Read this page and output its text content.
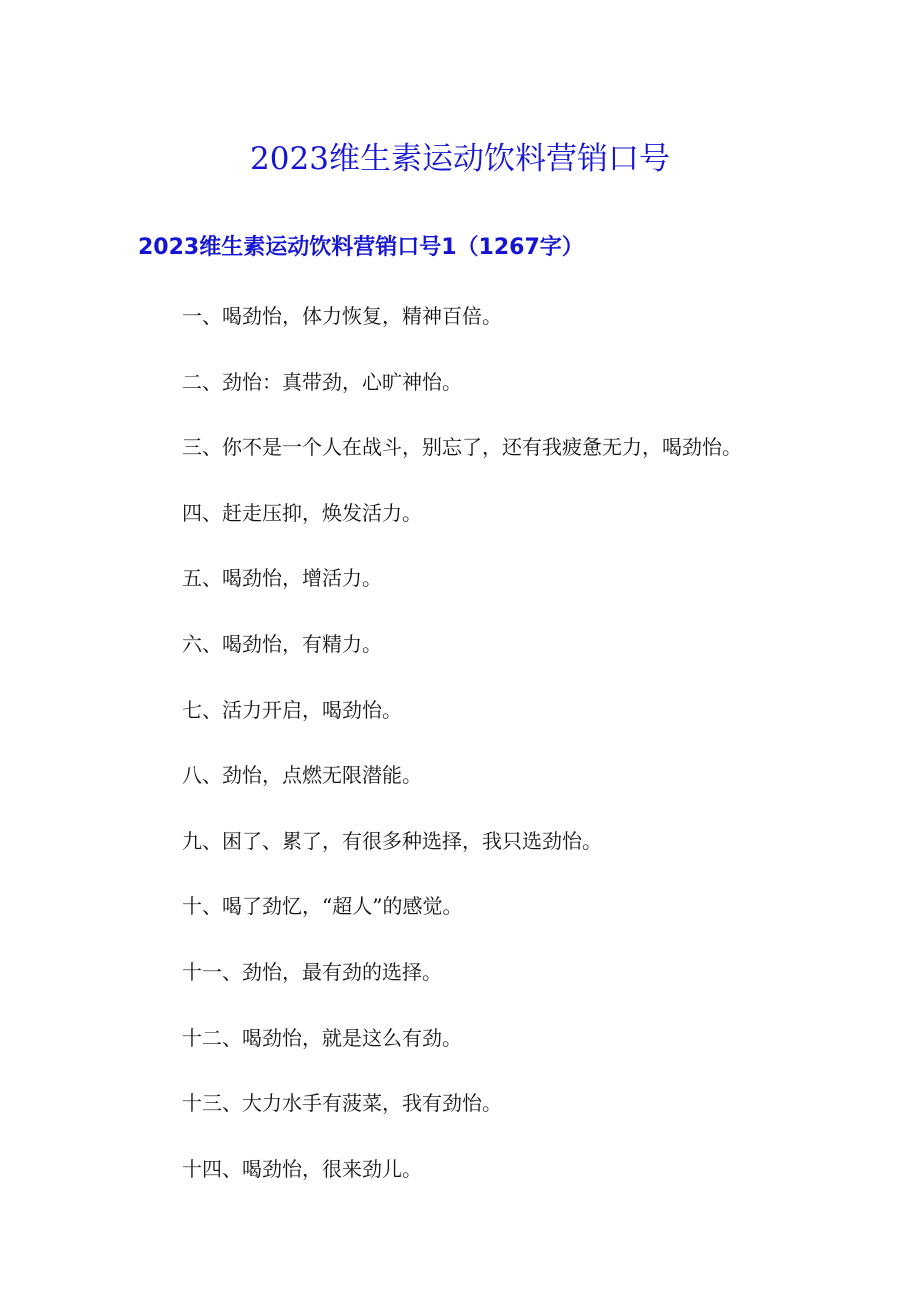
2023维生素运动饮料营销口号
2023维生素运动饮料营销口号1（1267字）
一、喝劲怡，体力恢复，精神百倍。
二、劲怡：真带劲，心旷神怡。
三、你不是一个人在战斗，别忘了，还有我疲惫无力，喝劲怡。
四、赶走压抑，焕发活力。
五、喝劲怡，增活力。
六、喝劲怡，有精力。
七、活力开启，喝劲怡。
八、劲怡，点燃无限潜能。
九、困了、累了，有很多种选择，我只选劲怡。
十、喝了劲忆，“超人”的感觉。
十一、劲怡，最有劲的选择。
十二、喝劲怡，就是这么有劲。
十三、大力水手有菠菜，我有劲怡。
十四、喝劲怡，很来劲儿。
